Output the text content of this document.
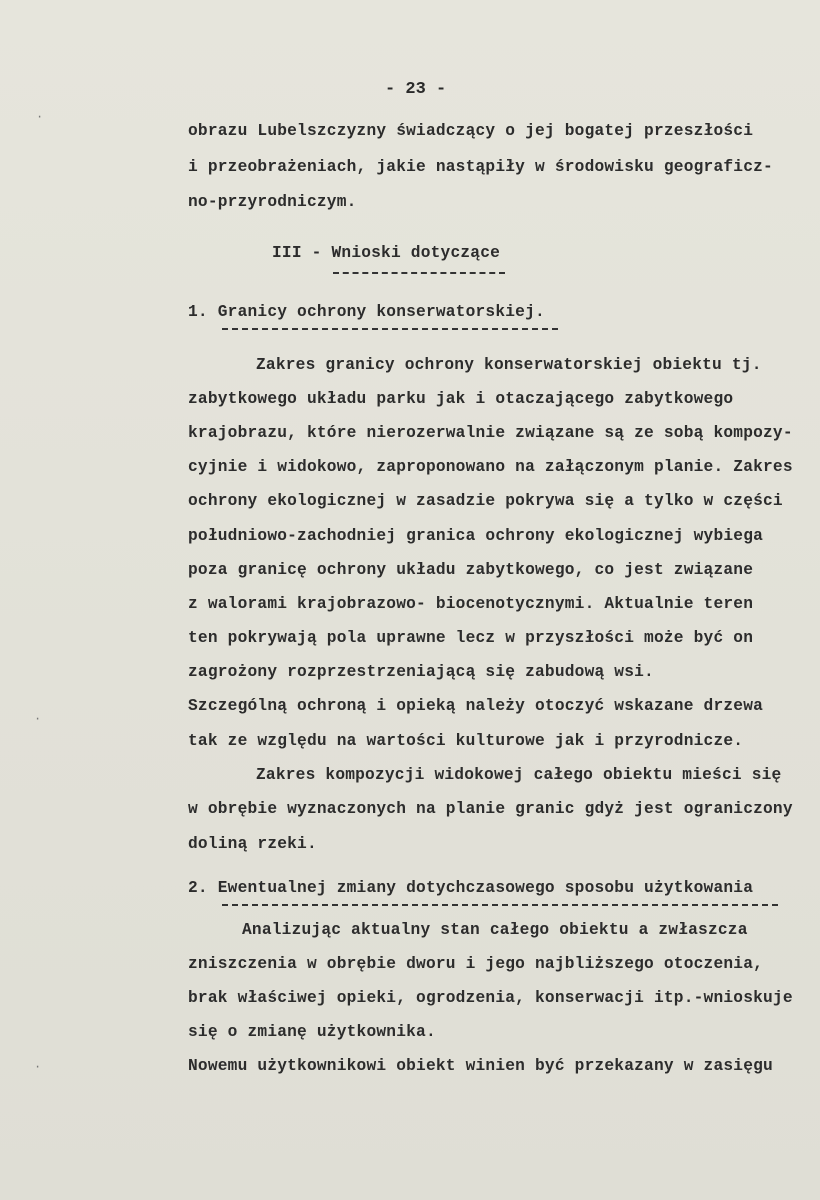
- 23 -

obrazu Lubelszczyzny świadczący o jej bogatej przeszłości

i przeobrażeniach, jakie nastąpiły w środowisku geograficz-

no-przyrodniczym.

III - Wnioski dotyczące

1. Granicy ochrony konserwatorskiej.

Zakres granicy ochrony konserwatorskiej obiektu tj.

zabytkowego układu parku jak i otaczającego zabytkowego

krajobrazu, które nierozerwalnie związane są ze sobą kompozy-

cyjnie i widokowo, zaproponowano na załączonym planie. Zakres

ochrony ekologicznej w zasadzie pokrywa się a tylko w części

południowo-zachodniej granica ochrony ekologicznej wybiega

poza granicę ochrony układu zabytkowego, co jest związane

z walorami krajobrazowo- biocenotycznymi. Aktualnie teren

ten pokrywają pola uprawne lecz w przyszłości może być on

zagrożony rozprzestrzeniającą się zabudową wsi.

Szczególną ochroną i opieką należy otoczyć wskazane drzewa

tak ze względu na wartości kulturowe jak i przyrodnicze.

Zakres kompozycji widokowej całego obiektu mieści się

w obrębie wyznaczonych na planie granic gdyż jest ograniczony

doliną rzeki.

2. Ewentualnej zmiany dotychczasowego sposobu użytkowania

Analizując aktualny stan całego obiektu a zwłaszcza

zniszczenia w obrębie dworu i jego najbliższego otoczenia,

brak właściwej opieki, ogrodzenia, konserwacji itp.-wnioskuje

się o zmianę użytkownika.

Nowemu użytkownikowi obiekt winien być przekazany w zasięgu

·
·
·
